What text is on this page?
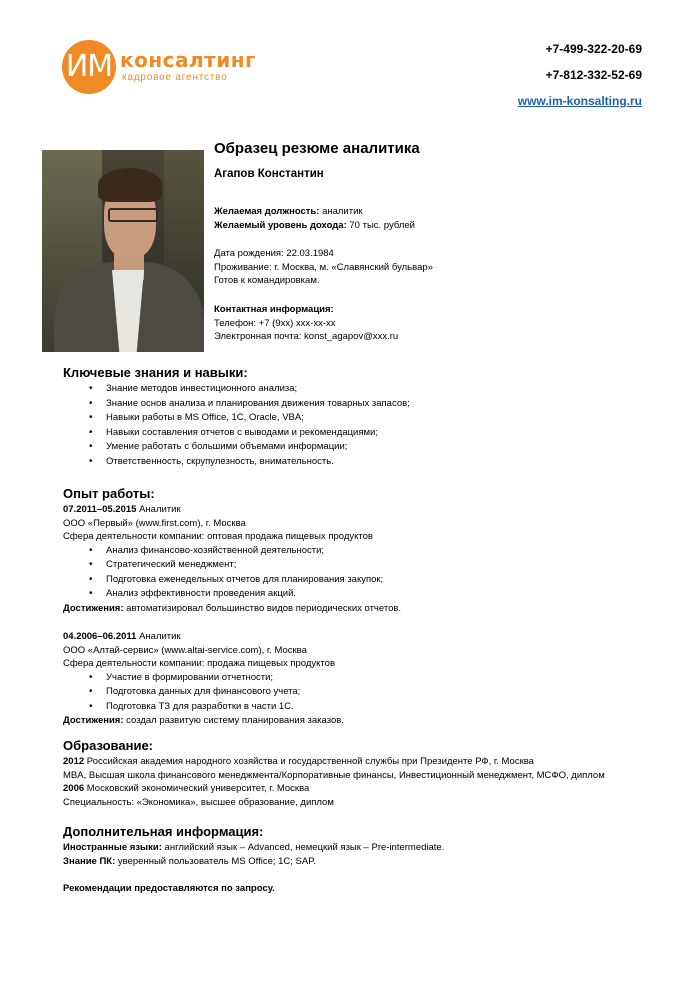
ИМ консалтинг
кадровое агентство
+7-499-322-20-69
+7-812-332-52-69
www.im-konsalting.ru
Образец резюме аналитика
Агапов Константин
Желаемая должность: аналитик
Желаемый уровень дохода: 70 тыс. рублей
Дата рождения: 22.03.1984
Проживание: г. Москва, м. «Славянский бульвар»
Готов к командировкам.
Контактная информация:
Телефон: +7 (9хх) ххх-хх-хх
Электронная почта: konst_agapov@xxx.ru
Ключевые знания и навыки:
• Знание методов инвестиционного анализа;
• Знание основ анализа и планирования движения товарных запасов;
• Навыки работы в MS Office, 1C, Oracle, VBA;
• Навыки составления отчетов с выводами и рекомендациями;
• Умение работать с большими объемами информации;
• Ответственность, скрупулезность, внимательность.
Опыт работы:
07.2011–05.2015 Аналитик
ООО «Первый» (www.first.com), г. Москва
Сфера деятельности компании: оптовая продажа пищевых продуктов
• Анализ финансово-хозяйственной деятельности;
• Стратегический менеджмент;
• Подготовка еженедельных отчетов для планирования закупок;
• Анализ эффективности проведения акций.
Достижения: автоматизировал большинство видов периодических отчетов.
04.2006–06.2011 Аналитик
ООО «Алтай-сервис» (www.altai-service.com), г. Москва
Сфера деятельности компании: продажа пищевых продуктов
• Участие в формировании отчетности;
• Подготовка данных для финансового учета;
• Подготовка ТЗ для разработки в части 1С.
Достижения: создал развитую систему планирования заказов.
Образование:
2012 Российская академия народного хозяйства и государственной службы при Президенте РФ, г. Москва
MBA, Высшая школа финансового менеджмента/Корпоративные финансы, Инвестиционный менеджмент, МСФО, диплом
2006 Московский экономический университет, г. Москва
Специальность: «Экономика», высшее образование, диплом
Дополнительная информация:
Иностранные языки: английский язык – Advanced, немецкий язык – Pre-intermediate.
Знание ПК: уверенный пользователь MS Office; 1С; SAP.
Рекомендации предоставляются по запросу.
